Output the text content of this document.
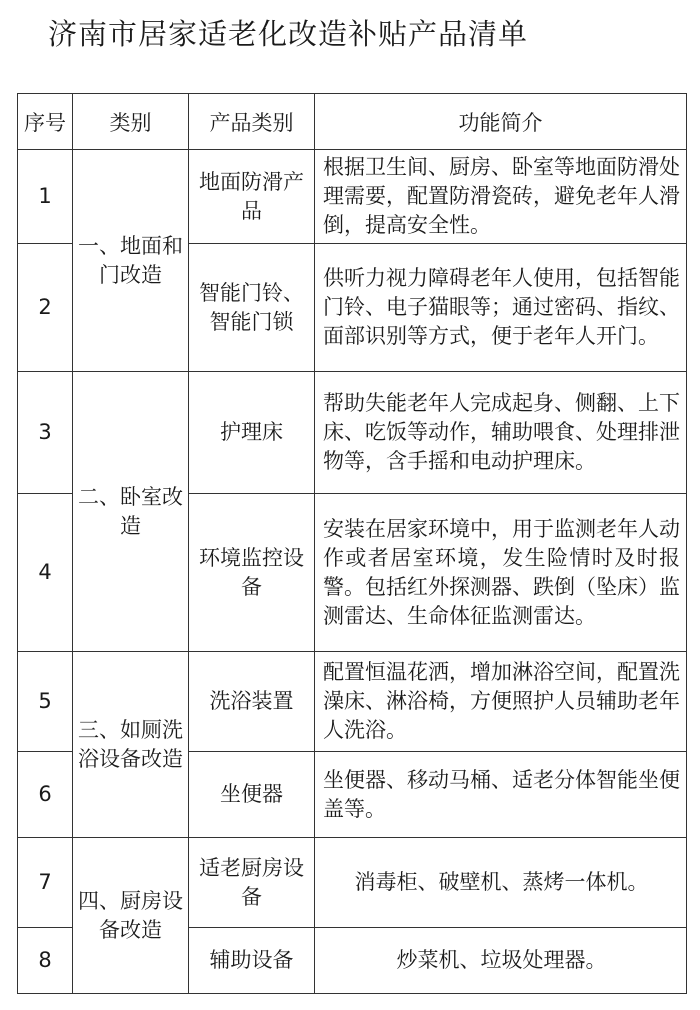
济南市居家适老化改造补贴产品清单
序号	类别	产品类别	功能简介
1	一、地面和门改造	地面防滑产品	根据卫生间、厨房、卧室等地面防滑处理需要，配置防滑瓷砖，避免老年人滑倒，提高安全性。
2		智能门铃、智能门锁	供听力视力障碍老年人使用，包括智能门铃、电子猫眼等；通过密码、指纹、面部识别等方式，便于老年人开门。
3	二、卧室改造	护理床	帮助失能老年人完成起身、侧翻、上下床、吃饭等动作，辅助喂食、处理排泄物等，含手摇和电动护理床。
4		环境监控设备	安装在居家环境中，用于监测老年人动作或者居室环境，发生险情时及时报警。包括红外探测器、跌倒（坠床）监测雷达、生命体征监测雷达。
5	三、如厕洗浴设备改造	洗浴装置	配置恒温花洒，增加淋浴空间，配置洗澡床、淋浴椅，方便照护人员辅助老年人洗浴。
6		坐便器	坐便器、移动马桶、适老分体智能坐便盖等。
7	四、厨房设备改造	适老厨房设备	消毒柜、破壁机、蒸烤一体机。
8		辅助设备	炒菜机、垃圾处理器。
